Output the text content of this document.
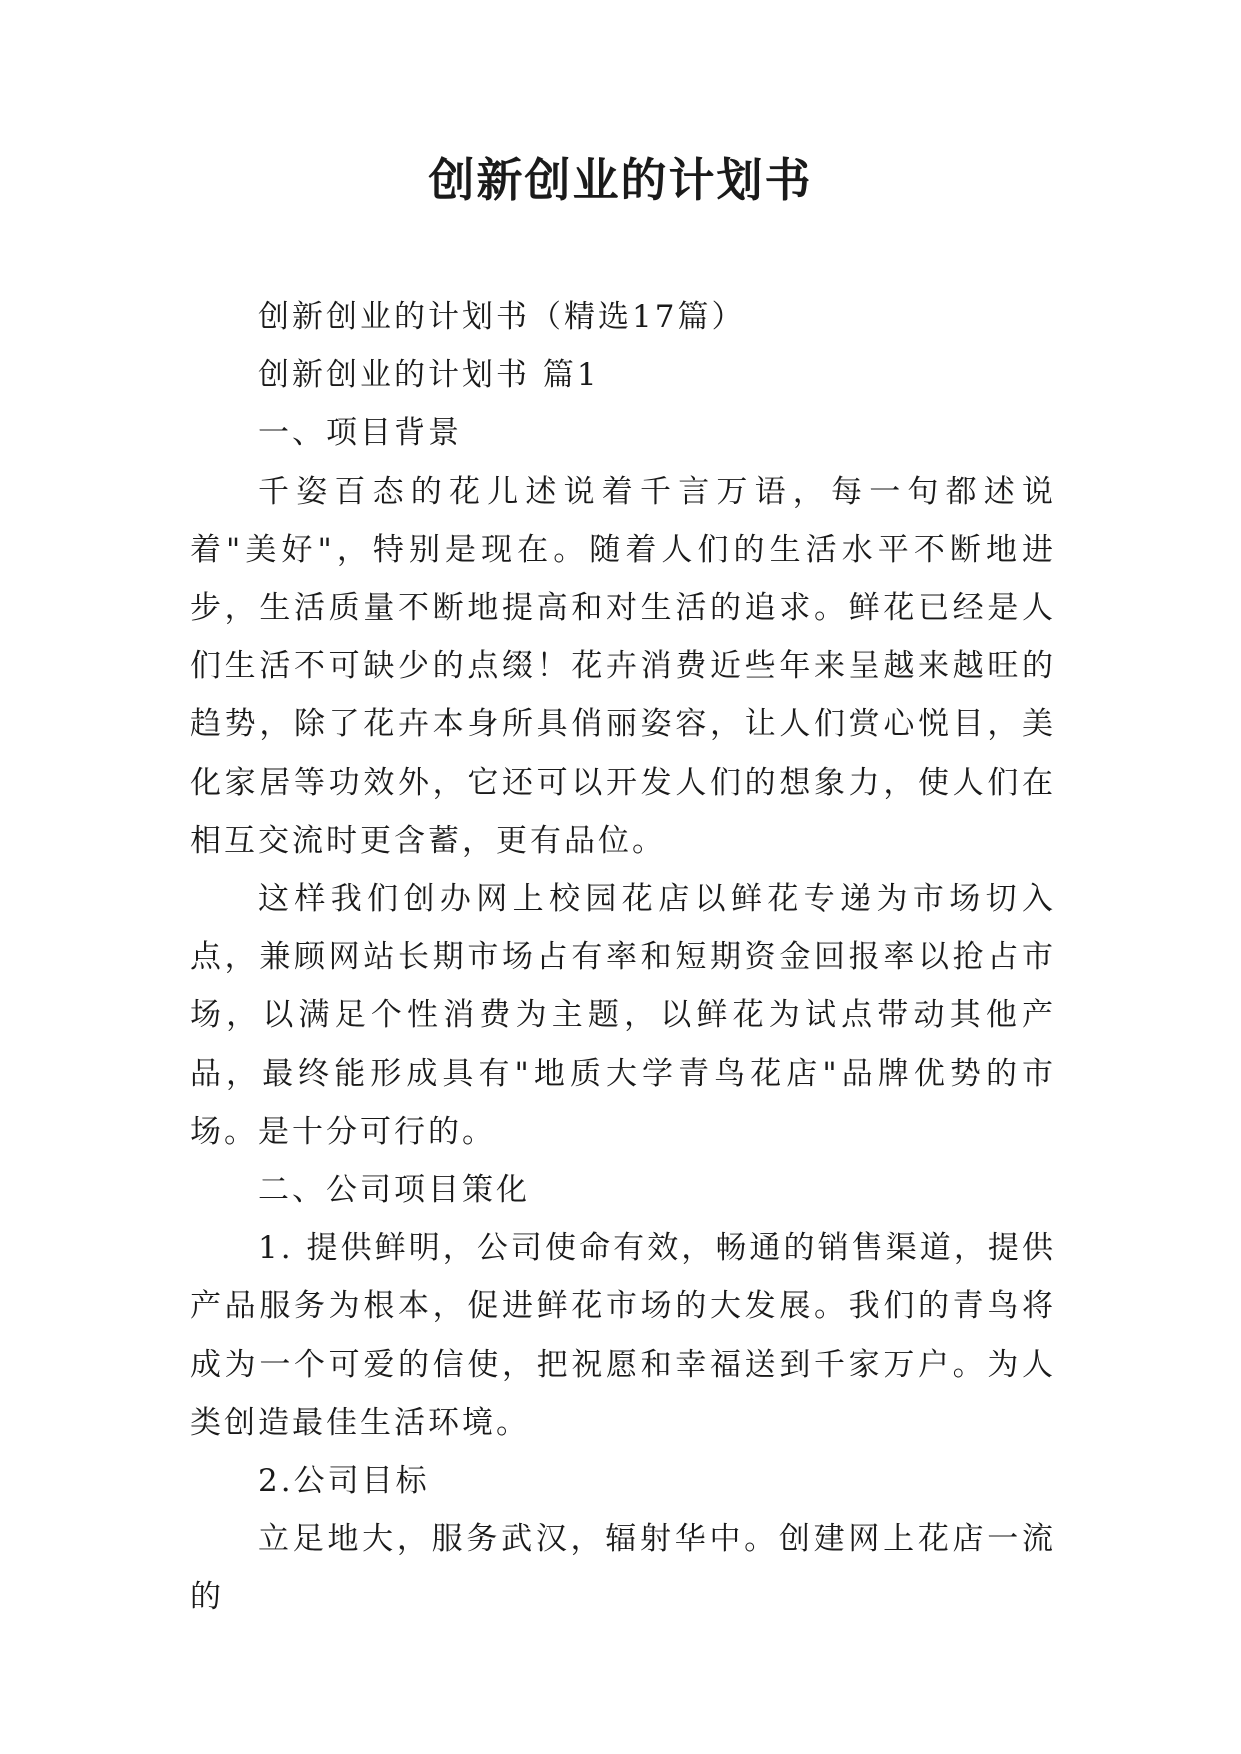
创新创业的计划书

创新创业的计划书（精选17篇）

创新创业的计划书 篇1

一、项目背景

千姿百态的花儿述说着千言万语，每一句都述说着"美好"，特别是现在。随着人们的生活水平不断地进步，生活质量不断地提高和对生活的追求。鲜花已经是人们生活不可缺少的点缀！花卉消费近些年来呈越来越旺的趋势，除了花卉本身所具俏丽姿容，让人们赏心悦目，美化家居等功效外，它还可以开发人们的想象力，使人们在相互交流时更含蓄，更有品位。

这样我们创办网上校园花店以鲜花专递为市场切入点，兼顾网站长期市场占有率和短期资金回报率以抢占市场，以满足个性消费为主题，以鲜花为试点带动其他产品，最终能形成具有"地质大学青鸟花店"品牌优势的市场。是十分可行的。

二、公司项目策化

1. 提供鲜明，公司使命有效，畅通的销售渠道，提供产品服务为根本，促进鲜花市场的大发展。我们的青鸟将成为一个可爱的信使，把祝愿和幸福送到千家万户。为人类创造最佳生活环境。

2.公司目标

立足地大，服务武汉，辐射华中。创建网上花店一流的
